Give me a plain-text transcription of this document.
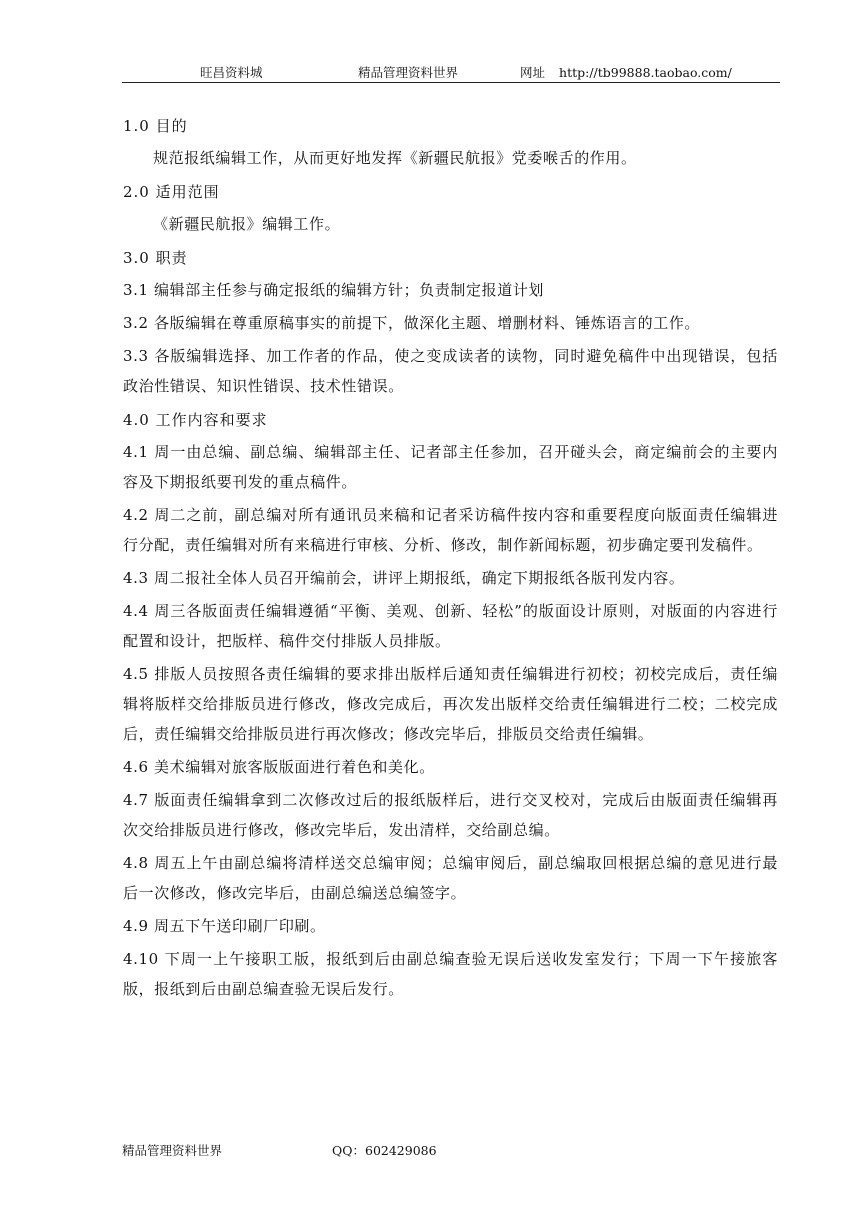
旺昌资料城	精品管理资料世界	网址 http://tb99888.taobao.com/
1.0 目的

规范报纸编辑工作，从而更好地发挥《新疆民航报》党委喉舌的作用。

2.0 适用范围

《新疆民航报》编辑工作。

3.0 职责

3.1 编辑部主任参与确定报纸的编辑方针；负责制定报道计划

3.2 各版编辑在尊重原稿事实的前提下，做深化主题、增删材料、锤炼语言的工作。

3.3 各版编辑选择、加工作者的作品，使之变成读者的读物，同时避免稿件中出现错误，包括政治性错误、知识性错误、技术性错误。

4.0 工作内容和要求

4.1 周一由总编、副总编、编辑部主任、记者部主任参加，召开碰头会，商定编前会的主要内容及下期报纸要刊发的重点稿件。

4.2 周二之前，副总编对所有通讯员来稿和记者采访稿件按内容和重要程度向版面责任编辑进行分配，责任编辑对所有来稿进行审核、分析、修改，制作新闻标题，初步确定要刊发稿件。

4.3 周二报社全体人员召开编前会，讲评上期报纸，确定下期报纸各版刊发内容。

4.4 周三各版面责任编辑遵循“平衡、美观、创新、轻松”的版面设计原则，对版面的内容进行配置和设计，把版样、稿件交付排版人员排版。

4.5 排版人员按照各责任编辑的要求排出版样后通知责任编辑进行初校；初校完成后，责任编辑将版样交给排版员进行修改，修改完成后，再次发出版样交给责任编辑进行二校；二校完成后，责任编辑交给排版员进行再次修改；修改完毕后，排版员交给责任编辑。

4.6 美术编辑对旅客版版面进行着色和美化。

4.7 版面责任编辑拿到二次修改过后的报纸版样后，进行交叉校对，完成后由版面责任编辑再次交给排版员进行修改，修改完毕后，发出清样，交给副总编。

4.8 周五上午由副总编将清样送交总编审阅；总编审阅后，副总编取回根据总编的意见进行最后一次修改，修改完毕后，由副总编送总编签字。

4.9 周五下午送印刷厂印刷。

4.10 下周一上午接职工版，报纸到后由副总编查验无误后送收发室发行；下周一下午接旅客版，报纸到后由副总编查验无误后发行。

精品管理资料世界	QQ：602429086
